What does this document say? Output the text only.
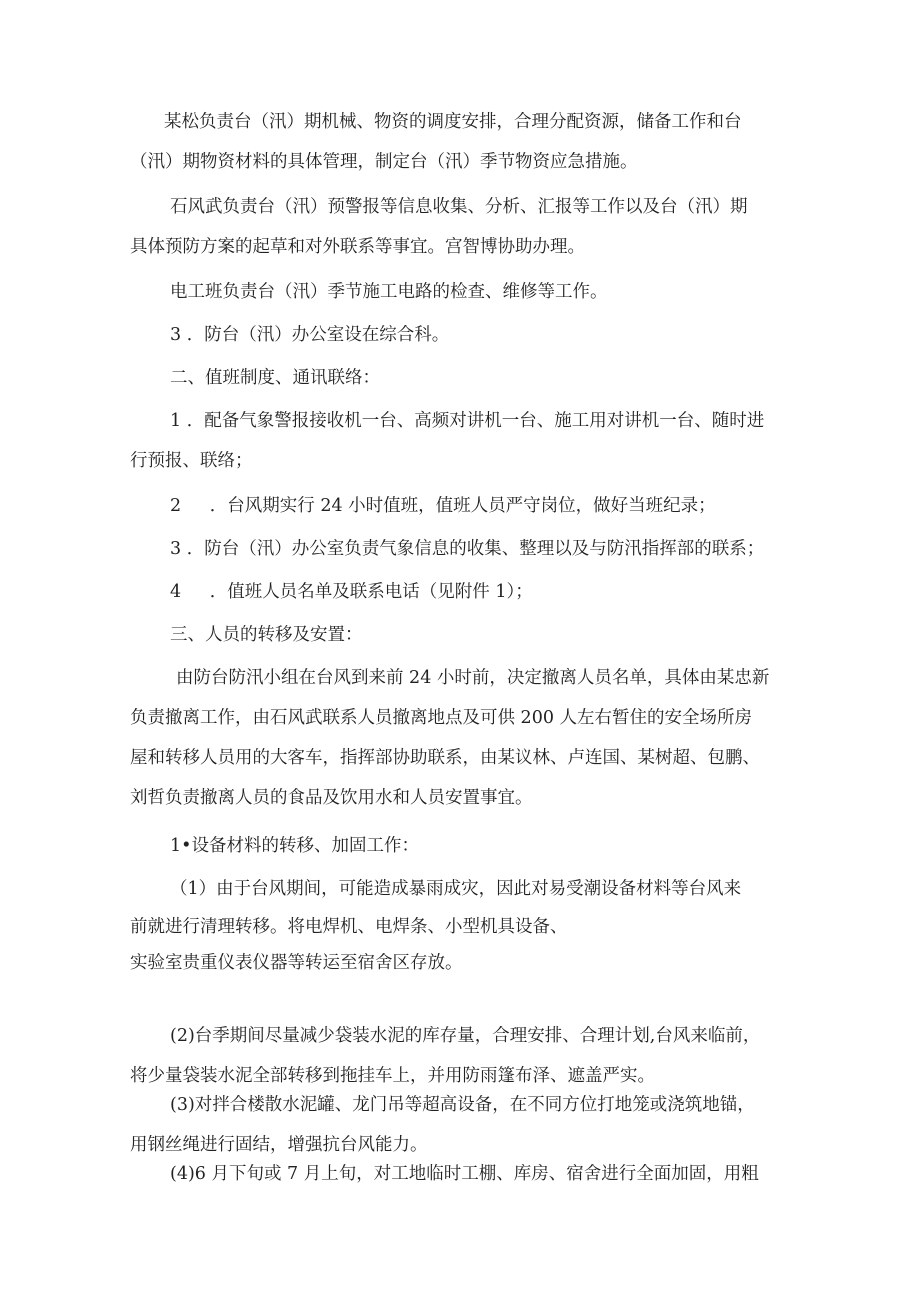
某松负责台（汛）期机械、物资的调度安排，合理分配资源，储备工作和台
（汛）期物资材料的具体管理，制定台（汛）季节物资应急措施。
石风武负责台（汛）预警报等信息收集、分析、汇报等工作以及台（汛）期
具体预防方案的起草和对外联系等事宜。宫智博协助办理。
电工班负责台（汛）季节施工电路的检查、维修等工作。
3 ．防台（汛）办公室设在综合科。
二、值班制度、通讯联络：
1 ．配备气象警报接收机一台、高频对讲机一台、施工用对讲机一台、随时进
行预报、联络；
2 　 ．台风期实行 24 小时值班，值班人员严守岗位，做好当班纪录；
3 ．防台（汛）办公室负责气象信息的收集、整理以及与防汛指挥部的联系；
4 　 ．值班人员名单及联系电话（见附件 1）；
三、人员的转移及安置：
由防台防汛小组在台风到来前 24 小时前，决定撤离人员名单，具体由某忠新
负责撤离工作，由石风武联系人员撤离地点及可供 200 人左右暂住的安全场所房
屋和转移人员用的大客车，指挥部协助联系，由某议林、卢连国、某树超、包鹏、
刘哲负责撤离人员的食品及饮用水和人员安置事宜。
1•设备材料的转移、加固工作：
（1）由于台风期间，可能造成暴雨成灾，因此对易受潮设备材料等台风来
前就进行清理转移。将电焊机、电焊条、小型机具设备、
实验室贵重仪表仪器等转运至宿舍区存放。
(2)台季期间尽量减少袋装水泥的库存量，合理安排、合理计划,台风来临前，
将少量袋装水泥全部转移到拖挂车上，并用防雨篷布泽、遮盖严实。
(3)对拌合楼散水泥罐、龙门吊等超高设备，在不同方位打地笼或浇筑地锚，
用钢丝绳进行固结，增强抗台风能力。
(4)6 月下旬或 7 月上旬，对工地临时工棚、库房、宿舍进行全面加固，用粗
